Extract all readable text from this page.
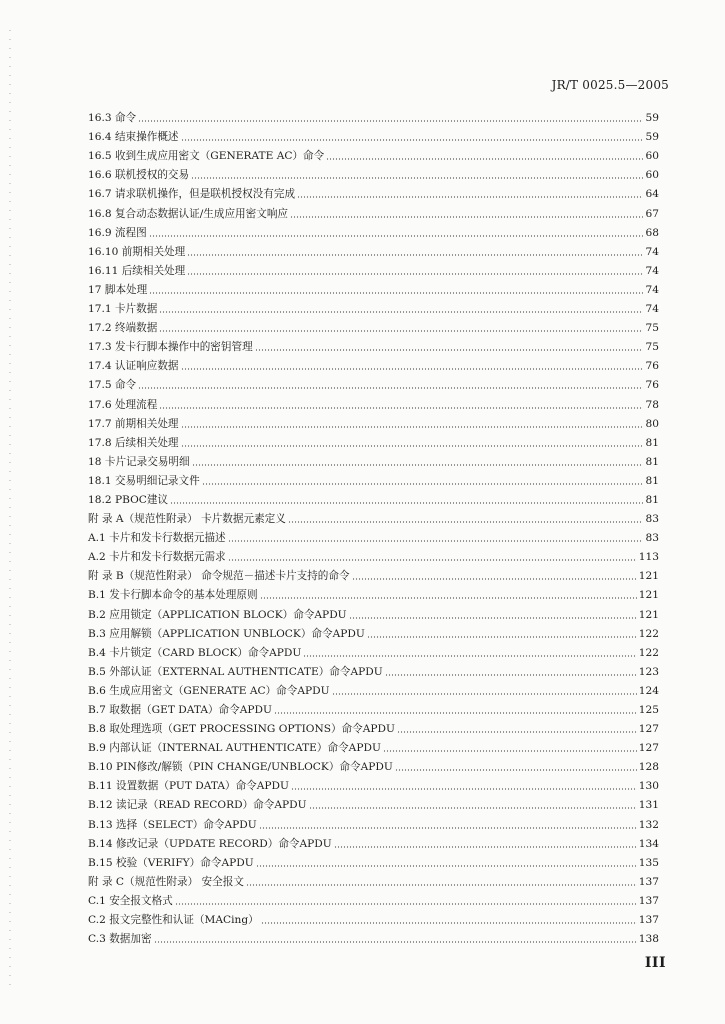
JR/T 0025.5—2005
16.3 命令	59
16.4 结束操作概述	59
16.5 收到生成应用密文（GENERATE AC）命令	60
16.6 联机授权的交易	60
16.7 请求联机操作，但是联机授权没有完成	64
16.8 复合动态数据认证/生成应用密文响应	67
16.9 流程图	68
16.10 前期相关处理	74
16.11 后续相关处理	74
17 脚本处理	74
17.1 卡片数据	74
17.2 终端数据	75
17.3 发卡行脚本操作中的密钥管理	75
17.4 认证响应数据	76
17.5 命令	76
17.6 处理流程	78
17.7 前期相关处理	80
17.8 后续相关处理	81
18 卡片记录交易明细	81
18.1 交易明细记录文件	81
18.2 PBOC建议	81
附 录 A（规范性附录） 卡片数据元素定义	83
A.1 卡片和发卡行数据元描述	83
A.2 卡片和发卡行数据元需求	113
附 录 B（规范性附录） 命令规范－描述卡片支持的命令	121
B.1 发卡行脚本命令的基本处理原则	121
B.2 应用锁定（APPLICATION BLOCK）命令APDU	121
B.3 应用解锁（APPLICATION UNBLOCK）命令APDU	122
B.4 卡片锁定（CARD BLOCK）命令APDU	122
B.5 外部认证（EXTERNAL AUTHENTICATE）命令APDU	123
B.6 生成应用密文（GENERATE AC）命令APDU	124
B.7 取数据（GET DATA）命令APDU	125
B.8 取处理选项（GET PROCESSING OPTIONS）命令APDU	127
B.9 内部认证（INTERNAL AUTHENTICATE）命令APDU	127
B.10 PIN修改/解锁（PIN CHANGE/UNBLOCK）命令APDU	128
B.11 设置数据（PUT DATA）命令APDU	130
B.12 读记录（READ RECORD）命令APDU	131
B.13 选择（SELECT）命令APDU	132
B.14 修改记录（UPDATE RECORD）命令APDU	134
B.15 校验（VERIFY）命令APDU	135
附 录 C（规范性附录） 安全报文	137
C.1 安全报文格式	137
C.2 报文完整性和认证（MACing）	137
C.3 数据加密	138
III
